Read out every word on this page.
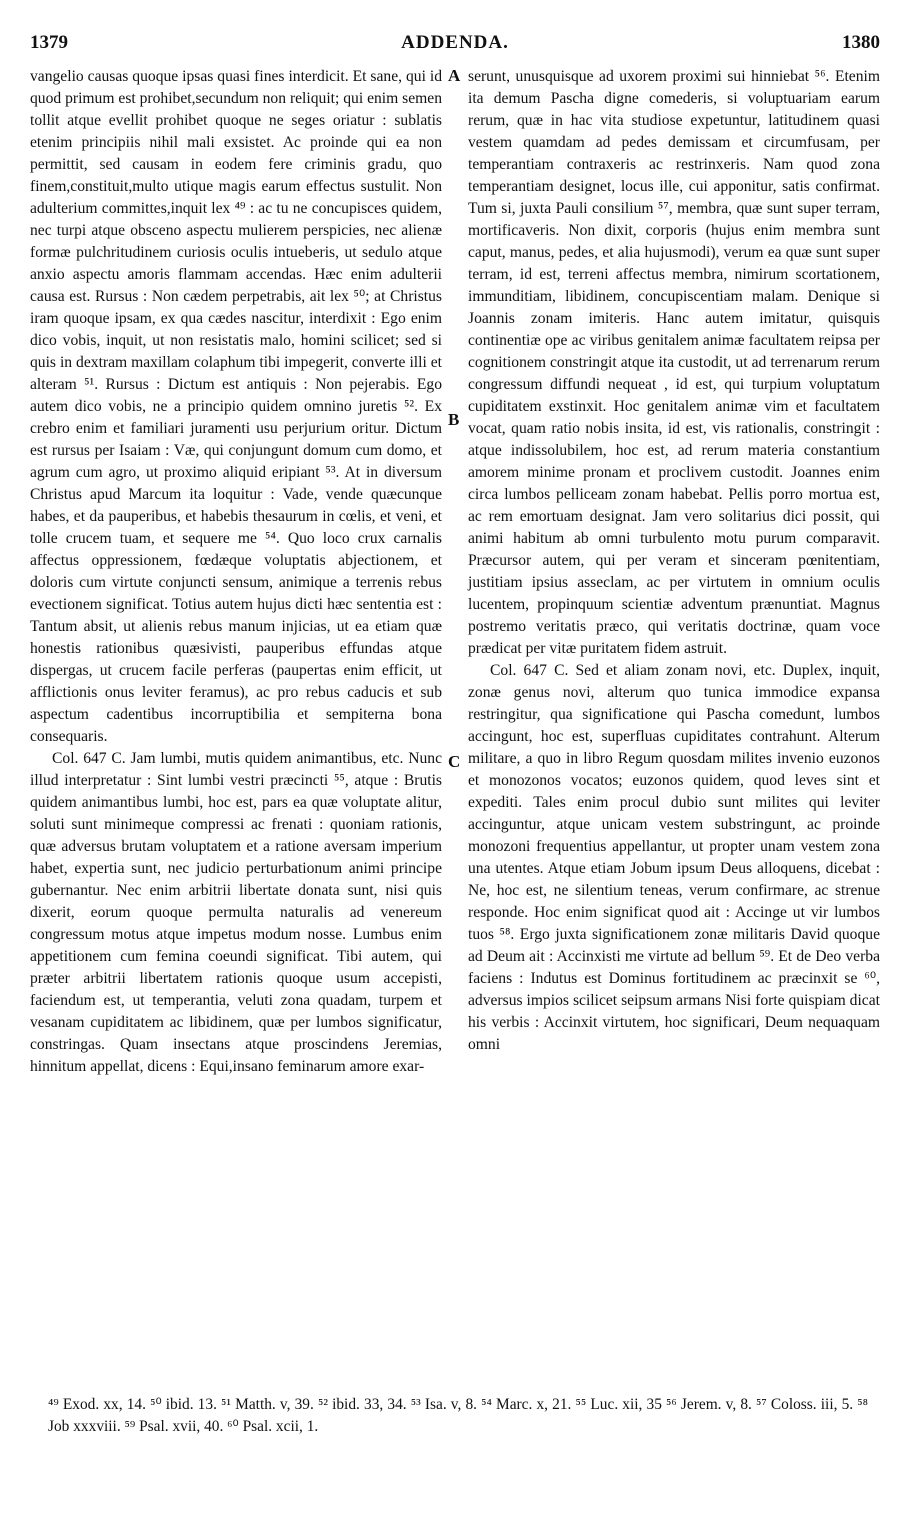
1379	ADDENDA.	1380

vangelio causas quoque ipsas quasi fines interdicit. Et sane, qui id quod primum est prohibet,secundum non reliquit; qui enim semen tollit atque evellit prohibet quoque ne seges oriatur : sublatis etenim principiis nihil mali exsistet. Ac proinde qui ea non permittit, sed causam in eodem fere criminis gradu, quo finem,constituit,multo utique magis earum effectus sustulit. Non adulterium committes,inquit lex ⁴⁹ : ac tu ne concupisces quidem, nec turpi atque obsceno aspectu mulierem perspicies, nec alienæ formæ pulchritudinem curiosis oculis intueberis, ut sedulo atque anxio aspectu amoris flammam accendas. Hæc enim adulterii causa est. Rursus : Non cædem perpetrabis, ait lex ⁵⁰; at Christus iram quoque ipsam, ex qua cædes nascitur, interdixit : Ego enim dico vobis, inquit, ut non resistatis malo, homini scilicet; sed si quis in dextram maxillam colaphum tibi impegerit, converte illi et alteram ⁵¹. Rursus : Dictum est antiquis : Non pejerabis. Ego autem dico vobis, ne a principio quidem omnino juretis ⁵². Ex crebro enim et familiari juramenti usu perjurium oritur. Dictum est rursus per Isaiam : Væ, qui conjungunt domum cum domo, et agrum cum agro, ut proximo aliquid eripiant ⁵³. At in diversum Christus apud Marcum ita loquitur : Vade, vende quæcunque habes, et da pauperibus, et habebis thesaurum in cœlis, et veni, et tolle crucem tuam, et sequere me ⁵⁴. Quo loco crux carnalis affectus oppressionem, fœdæque voluptatis abjectionem, et doloris cum virtute conjuncti sensum, animique a terrenis rebus evectionem significat. Totius autem hujus dicti hæc sententia est : Tantum absit, ut alienis rebus manum injicias, ut ea etiam quæ honestis rationibus quæsivisti, pauperibus effundas atque dispergas, ut crucem facile perferas (paupertas enim efficit, ut afflictionis onus leviter feramus), ac pro rebus caducis et sub aspectum cadentibus incorruptibilia et sempiterna bona consequaris.

Col. 647 C. Jam lumbi, mutis quidem animantibus, etc. Nunc illud interpretatur : Sint lumbi vestri præcincti ⁵⁵, atque : Brutis quidem animantibus lumbi, hoc est, pars ea quæ voluptate alitur, soluti sunt minimeque compressi ac frenati : quoniam rationis, quæ adversus brutam voluptatem et a ratione aversam imperium habet, expertia sunt, nec judicio perturbationum animi principe gubernantur. Nec enim arbitrii libertate donata sunt, nisi quis dixerit, eorum quoque permulta naturalis ad venereum congressum motus atque impetus modum nosse. Lumbus enim appetitionem cum femina coeundi significat. Tibi autem, qui præter arbitrii libertatem rationis quoque usum accepisti, faciendum est, ut temperantia, veluti zona quadam, turpem et vesanam cupiditatem ac libidinem, quæ per lumbos significatur, constringas. Quam insectans atque proscindens Jeremias, hinnitum appellat, dicens : Equi,insano feminarum amore exar-

A
B
C

serunt, unusquisque ad uxorem proximi sui hinniebat ⁵⁶. Etenim ita demum Pascha digne comederis, si voluptuariam earum rerum, quæ in hac vita studiose expetuntur, latitudinem quasi vestem quamdam ad pedes demissam et circumfusam, per temperantiam contraxeris ac restrinxeris. Nam quod zona temperantiam designet, locus ille, cui apponitur, satis confirmat. Tum si, juxta Pauli consilium ⁵⁷, membra, quæ sunt super terram, mortificaveris. Non dixit, corporis (hujus enim membra sunt caput, manus, pedes, et alia hujusmodi), verum ea quæ sunt super terram, id est, terreni affectus membra, nimirum scortationem, immunditiam, libidinem, concupiscentiam malam. Denique si Joannis zonam imiteris. Hanc autem imitatur, quisquis continentiæ ope ac viribus genitalem animæ facultatem reipsa per cognitionem constringit atque ita custodit, ut ad terrenarum rerum congressum diffundi nequeat , id est, qui turpium voluptatum cupiditatem exstinxit. Hoc genitalem animæ vim et facultatem vocat, quam ratio nobis insita, id est, vis rationalis, constringit : atque indissolubilem, hoc est, ad rerum materia constantium amorem minime pronam et proclivem custodit. Joannes enim circa lumbos pelliceam zonam habebat. Pellis porro mortua est, ac rem emortuam designat. Jam vero solitarius dici possit, qui animi habitum ab omni turbulento motu purum comparavit. Præcursor autem, qui per veram et sinceram pœnitentiam, justitiam ipsius asseclam, ac per virtutem in omnium oculis lucentem, propinquum scientiæ adventum prænuntiat. Magnus postremo veritatis præco, qui veritatis doctrinæ, quam voce prædicat per vitæ puritatem fidem astruit.

Col. 647 C. Sed et aliam zonam novi, etc. Duplex, inquit, zonæ genus novi, alterum quo tunica immodice expansa restringitur, qua significatione qui Pascha comedunt, lumbos accingunt, hoc est, superfluas cupiditates contrahunt. Alterum militare, a quo in libro Regum quosdam milites invenio euzonos et monozonos vocatos; euzonos quidem, quod leves sint et expediti. Tales enim procul dubio sunt milites qui leviter accinguntur, atque unicam vestem substringunt, ac proinde monozoni frequentius appellantur, ut propter unam vestem zona una utentes. Atque etiam Jobum ipsum Deus alloquens, dicebat : Ne, hoc est, ne silentium teneas, verum confirmare, ac strenue responde. Hoc enim significat quod ait : Accinge ut vir lumbos tuos ⁵⁸. Ergo juxta significationem zonæ militaris David quoque ad Deum ait : Accinxisti me virtute ad bellum ⁵⁹. Et de Deo verba faciens : Indutus est Dominus fortitudinem ac præcinxit se ⁶⁰, adversus impios scilicet seipsum armans Nisi forte quispiam dicat his verbis : Accinxit virtutem, hoc significari, Deum nequaquam omni

⁴⁹ Exod. xx, 14. ⁵⁰ ibid. 13. ⁵¹ Matth. v, 39. ⁵² ibid. 33, 34. ⁵³ Isa. v, 8. ⁵⁴ Marc. x, 21. ⁵⁵ Luc. xii, 35 ⁵⁶ Jerem. v, 8. ⁵⁷ Coloss. iii, 5. ⁵⁸ Job xxxviii. ⁵⁹ Psal. xvii, 40. ⁶⁰ Psal. xcii, 1.
